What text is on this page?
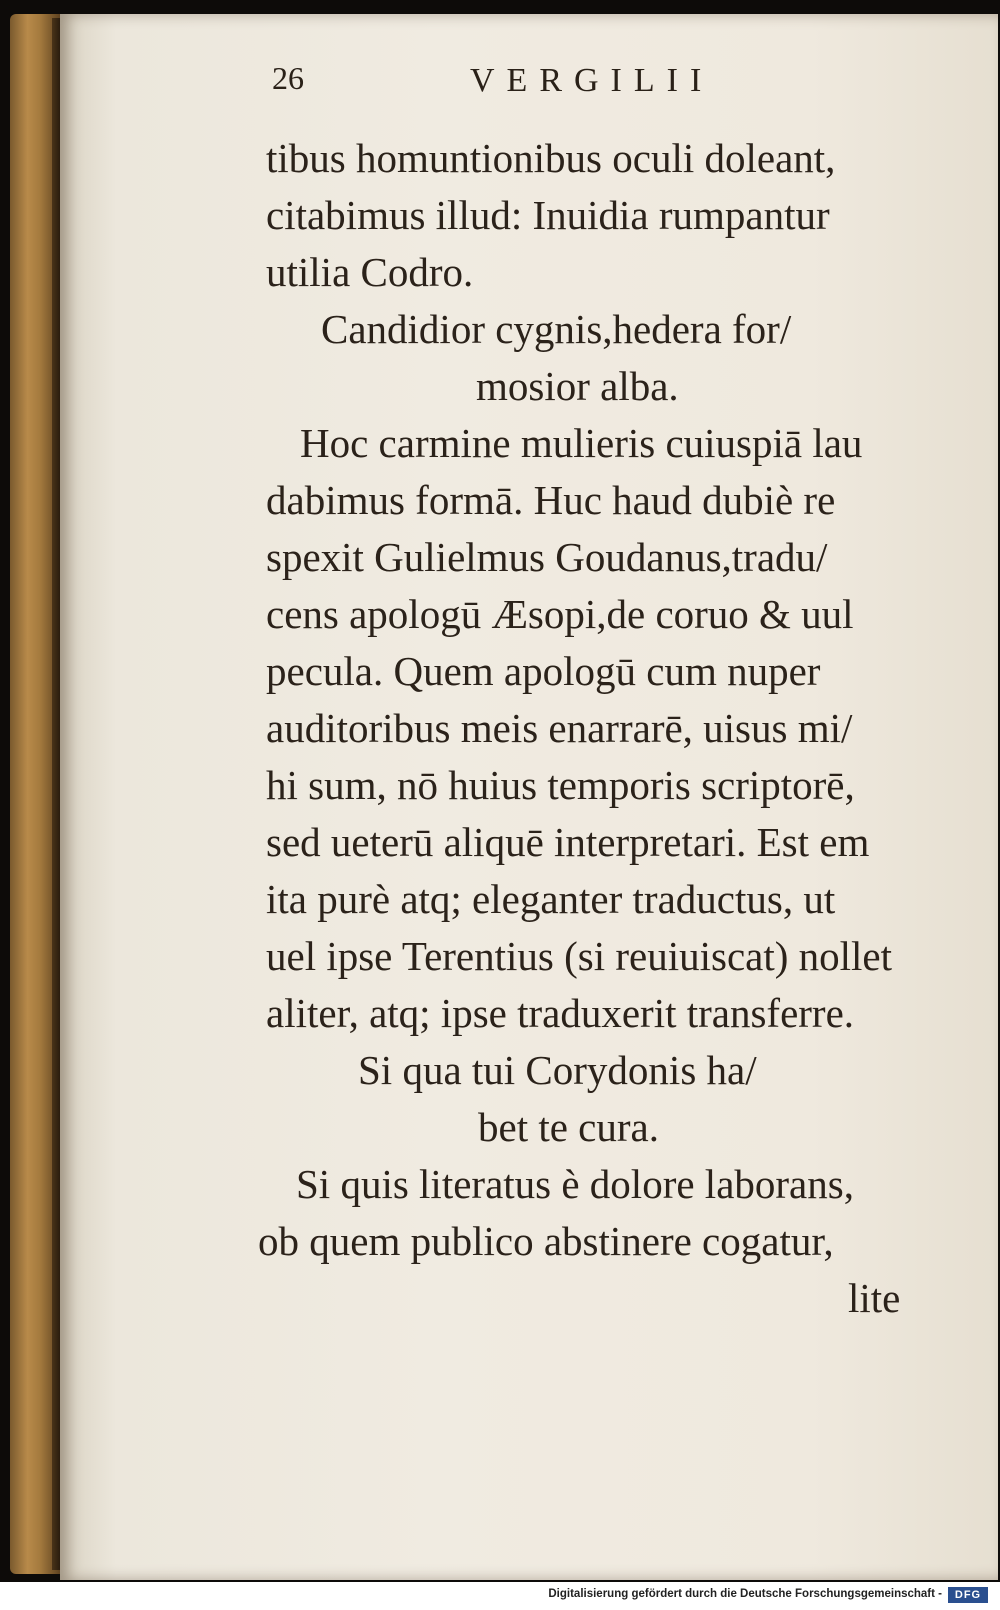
26	VERGILII
tibus homuntionibus oculi doleant,
citabimus illud: Inuidia rumpantur
utilia Codro.
Candidior cygnis,hedera for/
mosior alba.
Hoc carmine mulieris cuiuspiā lau
dabimus formā. Huc haud dubiè re
spexit Gulielmus Goudanus,tradu/
cens apologū Æsopi,de coruo & uul
pecula. Quem apologū cum nuper
auditoribus meis enarrarē, uisus mi/
hi sum, nō huius temporis scriptorē,
sed ueterū aliquē interpretari. Est em
ita purè atq; eleganter traductus, ut
uel ipse Terentius (si reuiuiscat) nollet
aliter, atq; ipse traduxerit transferre.
Si qua tui Corydonis ha/
bet te cura.
Si quis literatus è dolore laborans,
ob quem publico abstinere cogatur,
lite
Digitalisierung gefördert durch die Deutsche Forschungsgemeinschaft -	DFG
